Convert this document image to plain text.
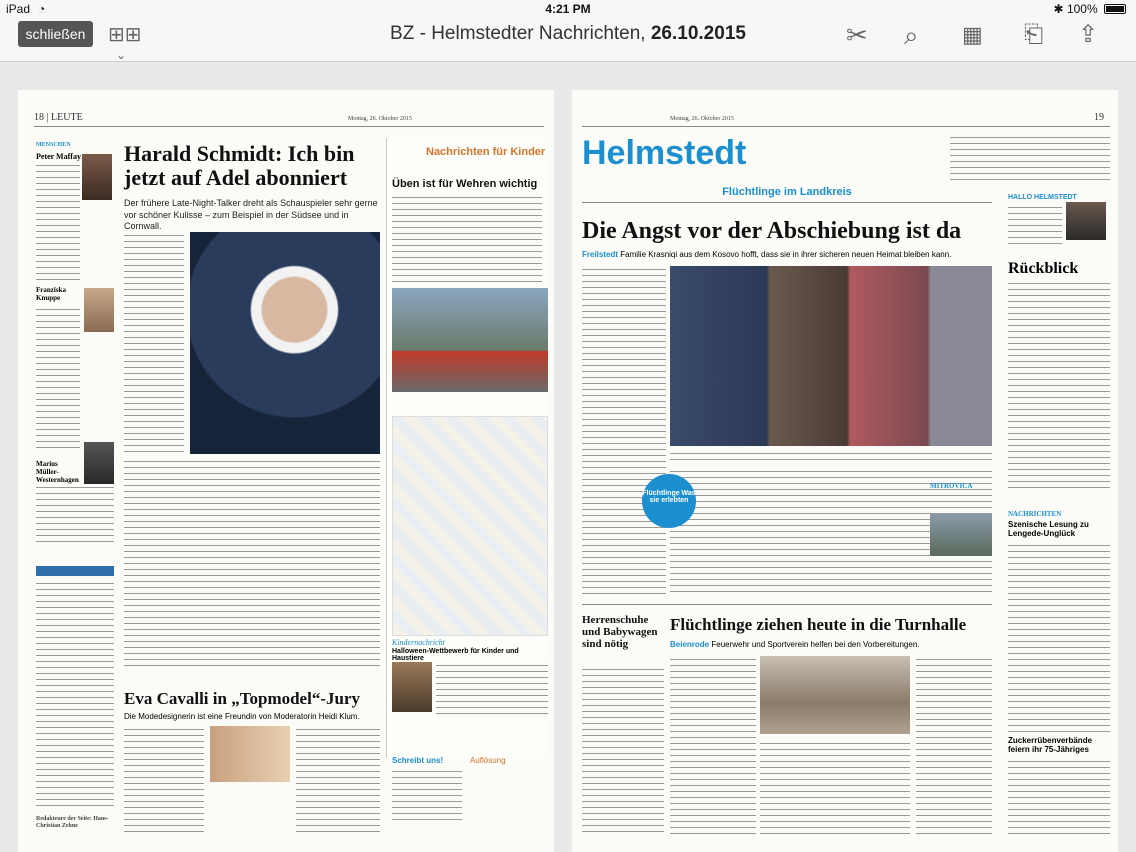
iPad ◔	4:21 PM	✱ 100%
schließen	⊞⊞
⌄
BZ - Helmstedter Nachrichten, 26.10.2015	✂ ⌕ ▦ ⎗ ⇪
18 | LEUTE	Montag, 26. Oktober 2015
MENSCHEN
Peter Maffay
Franziska Knuppe
Marius Müller-Westernhagen
Redakteure der Seite: Hans-Christian Zehne
Harald Schmidt: Ich bin jetzt auf Adel abonniert
Der frühere Late-Night-Talker dreht als Schauspieler sehr gerne vor schöner Kulisse – zum Beispiel in der Südsee und in Cornwall.
Nachrichten für Kinder
Üben ist für Wehren wichtig
Kindernachricht
Halloween-Wettbewerb für Kinder und Haustiere
Schreibt uns!	Auflösung
Eva Cavalli in „Topmodel“-Jury
Die Modedesignerin ist eine Freundin von Moderatorin Heidi Klum.
Montag, 26. Oktober 2015	19
Helmstedt
Flüchtlinge im Landkreis
Die Angst vor der Abschiebung ist da
Freilstedt Familie Krasniqi aus dem Kosovo hofft, dass sie in ihrer sicheren neuen Heimat bleiben kann.
Flüchtlinge Was sie erlebten
MITROVICA
HALLO HELMSTEDT
Rückblick
NACHRICHTEN
Szenische Lesung zu Lengede-Unglück
Zuckerrübenverbände feiern ihr 75-Jähriges
Herrenschuhe und Babywagen sind nötig
Flüchtlinge ziehen heute in die Turnhalle
Beienrode Feuerwehr und Sportverein helfen bei den Vorbereitungen.
